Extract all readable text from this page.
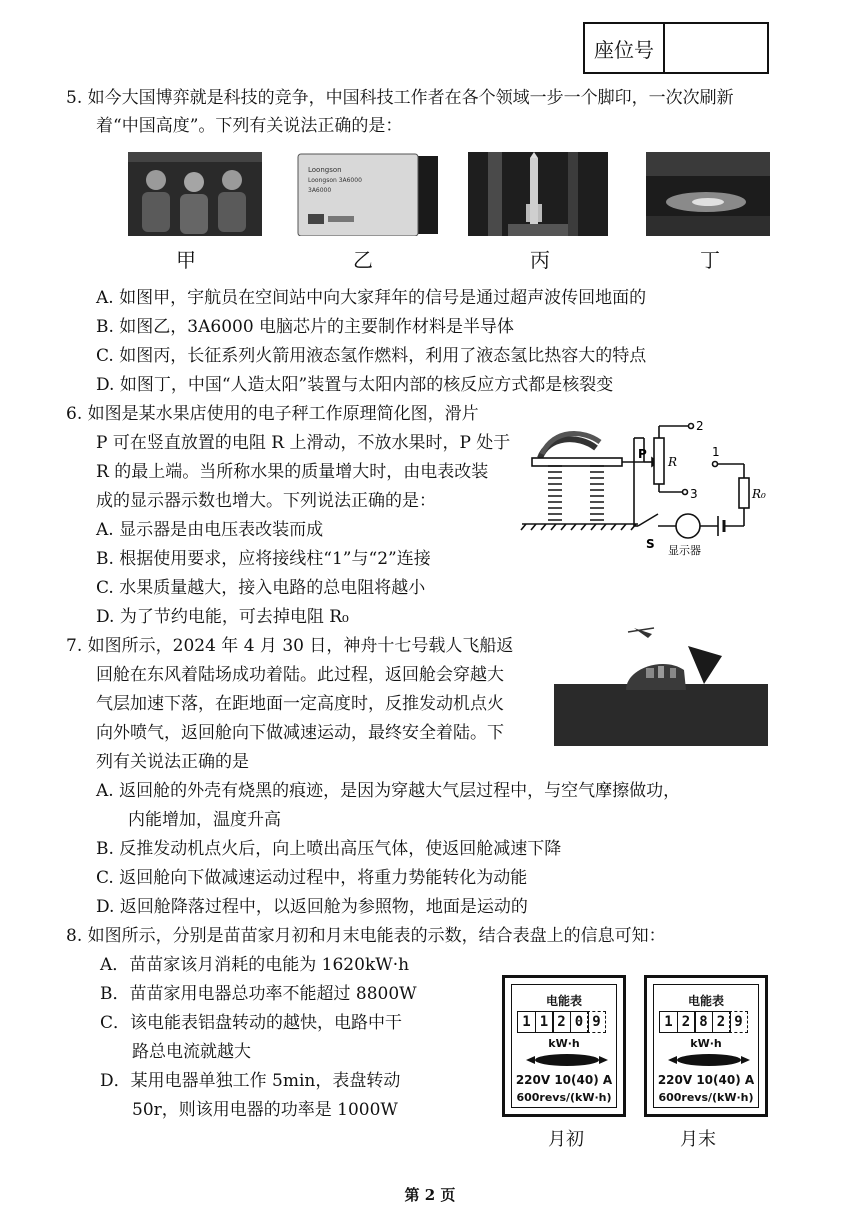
座位号
5. 如今大国博弈就是科技的竞争，中国科技工作者在各个领域一步一个脚印，一次次刷新
着“中国高度”。下列有关说法正确的是：
Loongson
Loongson 3A6000
3A6000
甲	乙	丙	丁
A. 如图甲，宇航员在空间站中向大家拜年的信号是通过超声波传回地面的
B. 如图乙，3A6000 电脑芯片的主要制作材料是半导体
C. 如图丙，长征系列火箭用液态氢作燃料，利用了液态氢比热容大的特点
D. 如图丁，中国“人造太阳”装置与太阳内部的核反应方式都是核裂变
6. 如图是某水果店使用的电子秤工作原理简化图，滑片
P 可在竖直放置的电阻 R 上滑动，不放水果时，P 处于
R 的最上端。当所称水果的质量增大时，由电表改装
成的显示器示数也增大。下列说法正确的是：
2
3
1
P
R
R₀
S 显示器
A. 显示器是由电压表改装而成
B. 根据使用要求，应将接线柱“1”与“2”连接
C. 水果质量越大，接入电路的总电阻将越小
D. 为了节约电能，可去掉电阻 R₀
7. 如图所示，2024 年 4 月 30 日，神舟十七号载人飞船返
回舱在东风着陆场成功着陆。此过程，返回舱会穿越大
气层加速下落，在距地面一定高度时，反推发动机点火
向外喷气，返回舱向下做减速运动，最终安全着陆。下
列有关说法正确的是
A. 返回舱的外壳有烧黑的痕迹，是因为穿越大气层过程中，与空气摩擦做功，
内能增加，温度升高
B. 反推发动机点火后，向上喷出高压气体，使返回舱减速下降
C. 返回舱向下做减速运动过程中，将重力势能转化为动能
D. 返回舱降落过程中，以返回舱为参照物，地面是运动的
8. 如图所示，分别是苗苗家月初和月末电能表的示数，结合表盘上的信息可知：
A．苗苗家该月消耗的电能为 1620kW·h
B．苗苗家用电器总功率不能超过 8800W
C．该电能表铝盘转动的越快，电路中干
路总电流就越大
D．某用电器单独工作 5min，表盘转动
50r，则该用电器的功率是 1000W
电能表
1 1 2 0 9
kW·h
220V 10(40) A
600revs/(kW·h)
电能表
1 2 8 2 9
kW·h
220V 10(40) A
600revs/(kW·h)
月初	月末
第 2 页
